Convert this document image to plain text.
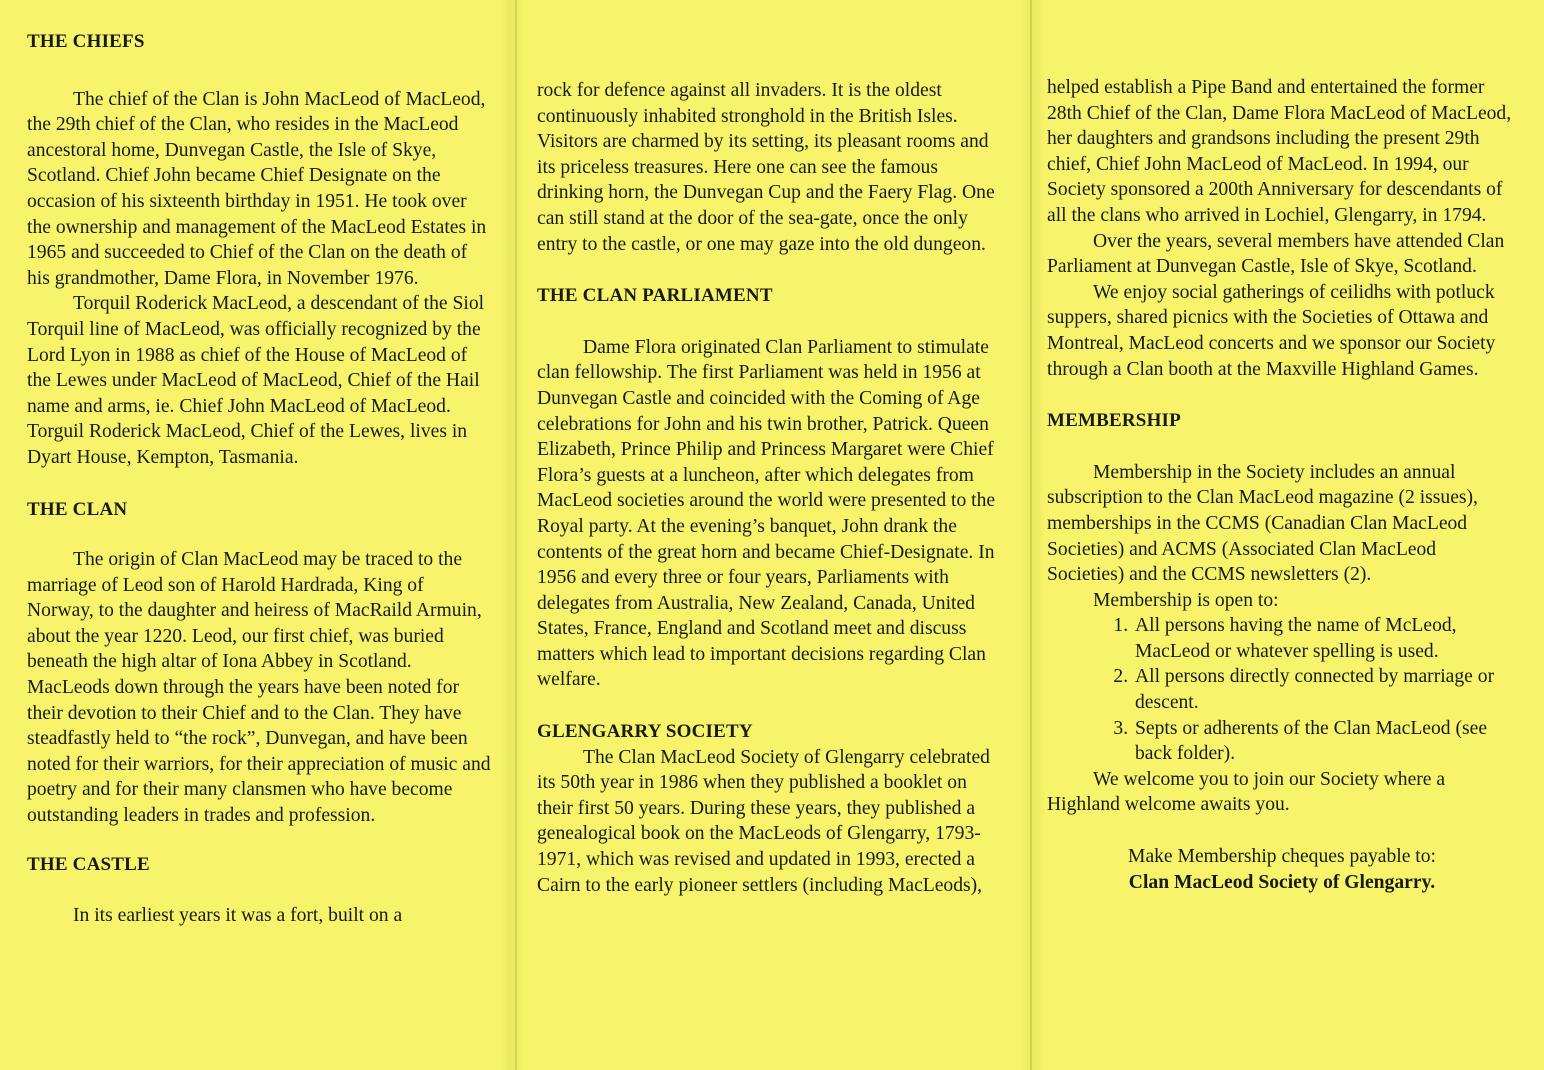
THE CHIEFS

The chief of the Clan is John MacLeod of MacLeod, the 29th chief of the Clan, who resides in the MacLeod ancestoral home, Dunvegan Castle, the Isle of Skye, Scotland. Chief John became Chief Designate on the occasion of his sixteenth birthday in 1951. He took over the ownership and management of the MacLeod Estates in 1965 and succeeded to Chief of the Clan on the death of his grandmother, Dame Flora, in November 1976.

Torquil Roderick MacLeod, a descendant of the Siol Torquil line of MacLeod, was officially recognized by the Lord Lyon in 1988 as chief of the House of MacLeod of the Lewes under MacLeod of MacLeod, Chief of the Hail name and arms, ie. Chief John MacLeod of MacLeod. Torguil Roderick MacLeod, Chief of the Lewes, lives in Dyart House, Kempton, Tasmania.

THE CLAN

The origin of Clan MacLeod may be traced to the marriage of Leod son of Harold Hardrada, King of Norway, to the daughter and heiress of MacRaild Armuin, about the year 1220. Leod, our first chief, was buried beneath the high altar of Iona Abbey in Scotland. MacLeods down through the years have been noted for their devotion to their Chief and to the Clan. They have steadfastly held to “the rock”, Dunvegan, and have been noted for their warriors, for their appreciation of music and poetry and for their many clansmen who have become outstanding leaders in trades and profession.

THE CASTLE

In its earliest years it was a fort, built on a

rock for defence against all invaders. It is the oldest continuously inhabited stronghold in the British Isles. Visitors are charmed by its setting, its pleasant rooms and its priceless treasures. Here one can see the famous drinking horn, the Dunvegan Cup and the Faery Flag. One can still stand at the door of the sea-gate, once the only entry to the castle, or one may gaze into the old dungeon.

THE CLAN PARLIAMENT

Dame Flora originated Clan Parliament to stimulate clan fellowship. The first Parliament was held in 1956 at Dunvegan Castle and coincided with the Coming of Age celebrations for John and his twin brother, Patrick. Queen Elizabeth, Prince Philip and Princess Margaret were Chief Flora’s guests at a luncheon, after which delegates from MacLeod societies around the world were presented to the Royal party. At the evening’s banquet, John drank the contents of the great horn and became Chief-Designate. In 1956 and every three or four years, Parliaments with delegates from Australia, New Zealand, Canada, United States, France, England and Scotland meet and discuss matters which lead to important decisions regarding Clan welfare.

GLENGARRY SOCIETY

The Clan MacLeod Society of Glengarry celebrated its 50th year in 1986 when they published a booklet on their first 50 years. During these years, they published a genealogical book on the MacLeods of Glengarry, 1793-1971, which was revised and updated in 1993, erected a Cairn to the early pioneer settlers (including MacLeods),

helped establish a Pipe Band and entertained the former 28th Chief of the Clan, Dame Flora MacLeod of MacLeod, her daughters and grandsons including the present 29th chief, Chief John MacLeod of MacLeod. In 1994, our Society sponsored a 200th Anniversary for descendants of all the clans who arrived in Lochiel, Glengarry, in 1794.

Over the years, several members have attended Clan Parliament at Dunvegan Castle, Isle of Skye, Scotland.

We enjoy social gatherings of ceilidhs with potluck suppers, shared picnics with the Societies of Ottawa and Montreal, MacLeod concerts and we sponsor our Society through a Clan booth at the Maxville Highland Games.

MEMBERSHIP

Membership in the Society includes an annual subscription to the Clan MacLeod magazine (2 issues), memberships in the CCMS (Canadian Clan MacLeod Societies) and ACMS (Associated Clan MacLeod Societies) and the CCMS newsletters (2).

Membership is open to:

1. All persons having the name of McLeod, MacLeod or whatever spelling is used.
2. All persons directly connected by marriage or descent.
3. Septs or adherents of the Clan MacLeod (see back folder).

We welcome you to join our Society where a Highland welcome awaits you.

Make Membership cheques payable to:

Clan MacLeod Society of Glengarry.
